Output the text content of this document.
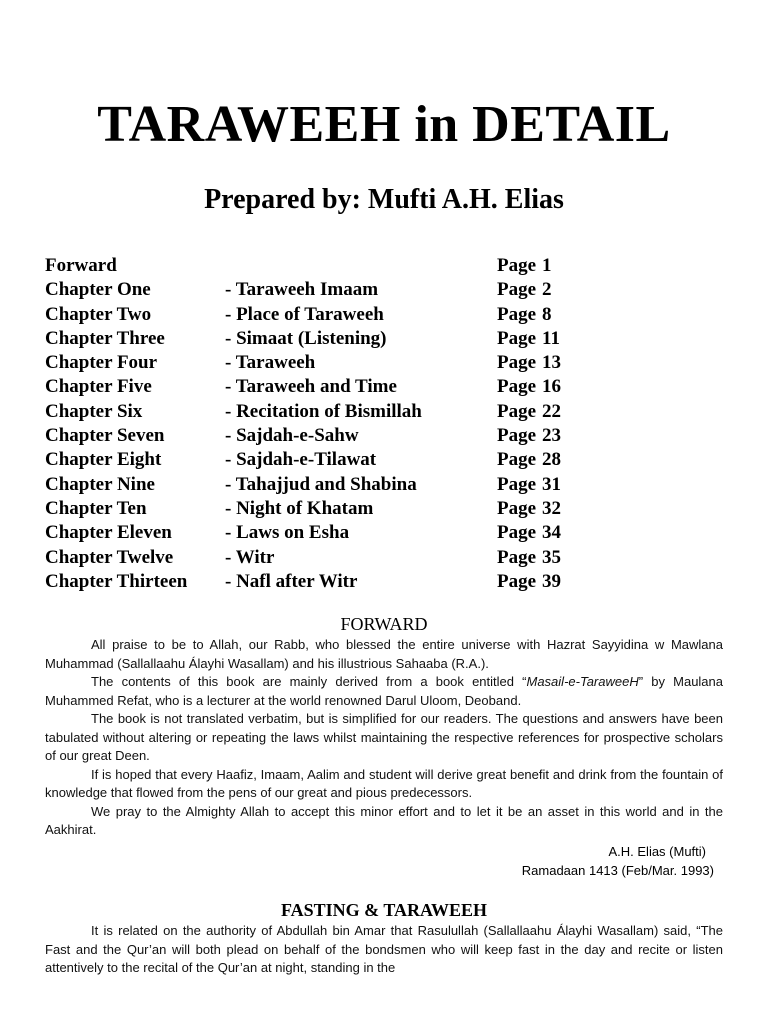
TARAWEEH in DETAIL
Prepared by: Mufti A.H. Elias
Forward	Page 1
Chapter One	- Taraweeh Imaam	Page 2
Chapter Two	- Place of Taraweeh	Page 8
Chapter Three	- Simaat (Listening)	Page 11
Chapter Four	- Taraweeh	Page 13
Chapter Five	- Taraweeh and Time	Page 16
Chapter Six	- Recitation of Bismillah	Page 22
Chapter Seven	- Sajdah-e-Sahw	Page 23
Chapter Eight	- Sajdah-e-Tilawat	Page 28
Chapter Nine	- Tahajjud and Shabina	Page 31
Chapter Ten	- Night of Khatam	Page 32
Chapter Eleven	- Laws on Esha	Page 34
Chapter Twelve	- Witr	Page 35
Chapter Thirteen - Nafl after Witr	Page 39
FORWARD

All praise to be to Allah, our Rabb, who blessed the entire universe with Hazrat Sayyidina w Mawlana Muhammad (Sallallaahu Álayhi Wasallam) and his illustrious Sahaaba (R.A.).

The contents of this book are mainly derived from a book entitled “Masail-e-TaraweeH” by Maulana Muhammed Refat, who is a lecturer at the world renowned Darul Uloom, Deoband.

The book is not translated verbatim, but is simplified for our readers. The questions and answers have been tabulated without altering or repeating the laws whilst maintaining the respective references for prospective scholars of our great Deen.

If is hoped that every Haafiz, Imaam, Aalim and student will derive great benefit and drink from the fountain of knowledge that flowed from the pens of our great and pious predecessors.

We pray to the Almighty Allah to accept this minor effort and to let it be an asset in this world and in the Aakhirat.

A.H. Elias (Mufti)
Ramadaan 1413 (Feb/Mar. 1993)
FASTING & TARAWEEH

It is related on the authority of Abdullah bin Amar that Rasulullah (Sallallaahu Álayhi Wasallam) said, “The Fast and the Qur’an will both plead on behalf of the bondsmen who will keep fast in the day and recite or listen attentively to the recital of the Qur’an at night, standing in the
